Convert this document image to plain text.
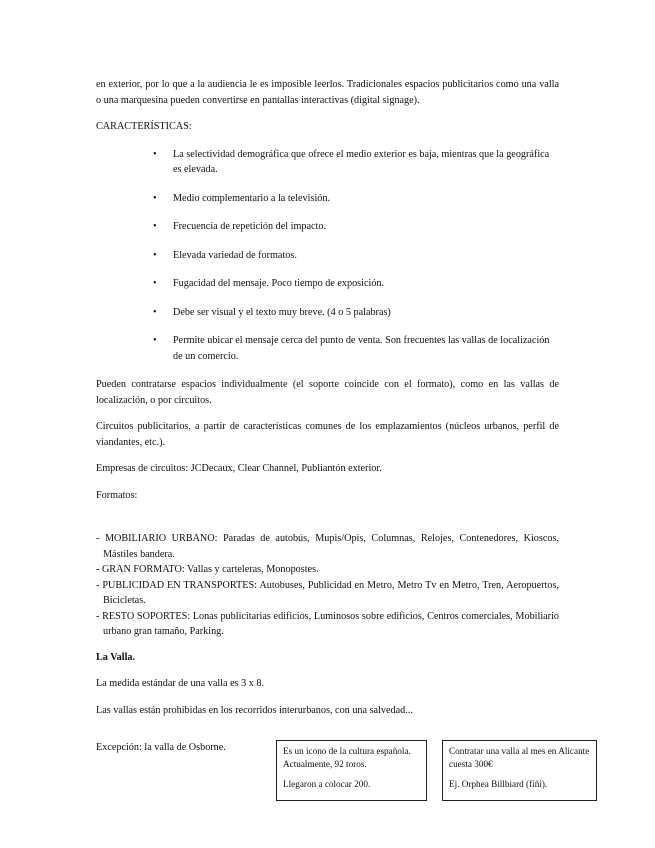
en exterior, por lo que a la audiencia le es imposible leerlos. Tradicionales espacios publicitarios como una valla o una marquesina pueden convertirse en pantallas interactivas (digital signage).

CARACTERÍSTICAS:

• La selectividad demográfica que ofrece el medio exterior es baja, mientras que la geográfica es elevada.
• Medio complementario a la televisión.
• Frecuencia de repetición del impacto.
• Elevada variedad de formatos.
• Fugacidad del mensaje. Poco tiempo de exposición.
• Debe ser visual y el texto muy breve. (4 o 5 palabras)
• Permite ubicar el mensaje cerca del punto de venta. Son frecuentes las vallas de localización de un comercio.

Pueden contratarse espacios individualmente (el soporte coincide con el formato), como en las vallas de localización, o por circuitos.

Circuitos publicitarios, a partir de características comunes de los emplazamientos (núcleos urbanos, perfil de viandantes, etc.).

Empresas de circuitos: JCDecaux, Clear Channel, Publiantón exterior.

Formatos:

- MOBILIARIO URBANO: Paradas de autobús, Mupis/Opis, Columnas, Relojes, Contenedores, Kioscos, Mástiles bandera.
- GRAN FORMATO: Vallas y carteleras, Monopostes.
- PUBLICIDAD EN TRANSPORTES: Autobuses, Publicidad en Metro, Metro Tv en Metro, Tren, Aeropuertos, Bicicletas.
- RESTO SOPORTES: Lonas publicitarias edificios, Luminosos sobre edificios, Centros comerciales, Mobiliario urbano gran tamaño, Parking.

La Valla.

La medida estándar de una valla es 3 x 8.

Las vallas están prohibidas en los recorridos interurbanos, con una salvedad...

Excepción: la valla de Osborne.	Es un icono de la cultura española. Actualmente, 92 toros.

Llegaron a colocar 200.

Contratar una valla al mes en Alicante cuesta 300€

Ej. Orphea Billbiard (fiñi).
